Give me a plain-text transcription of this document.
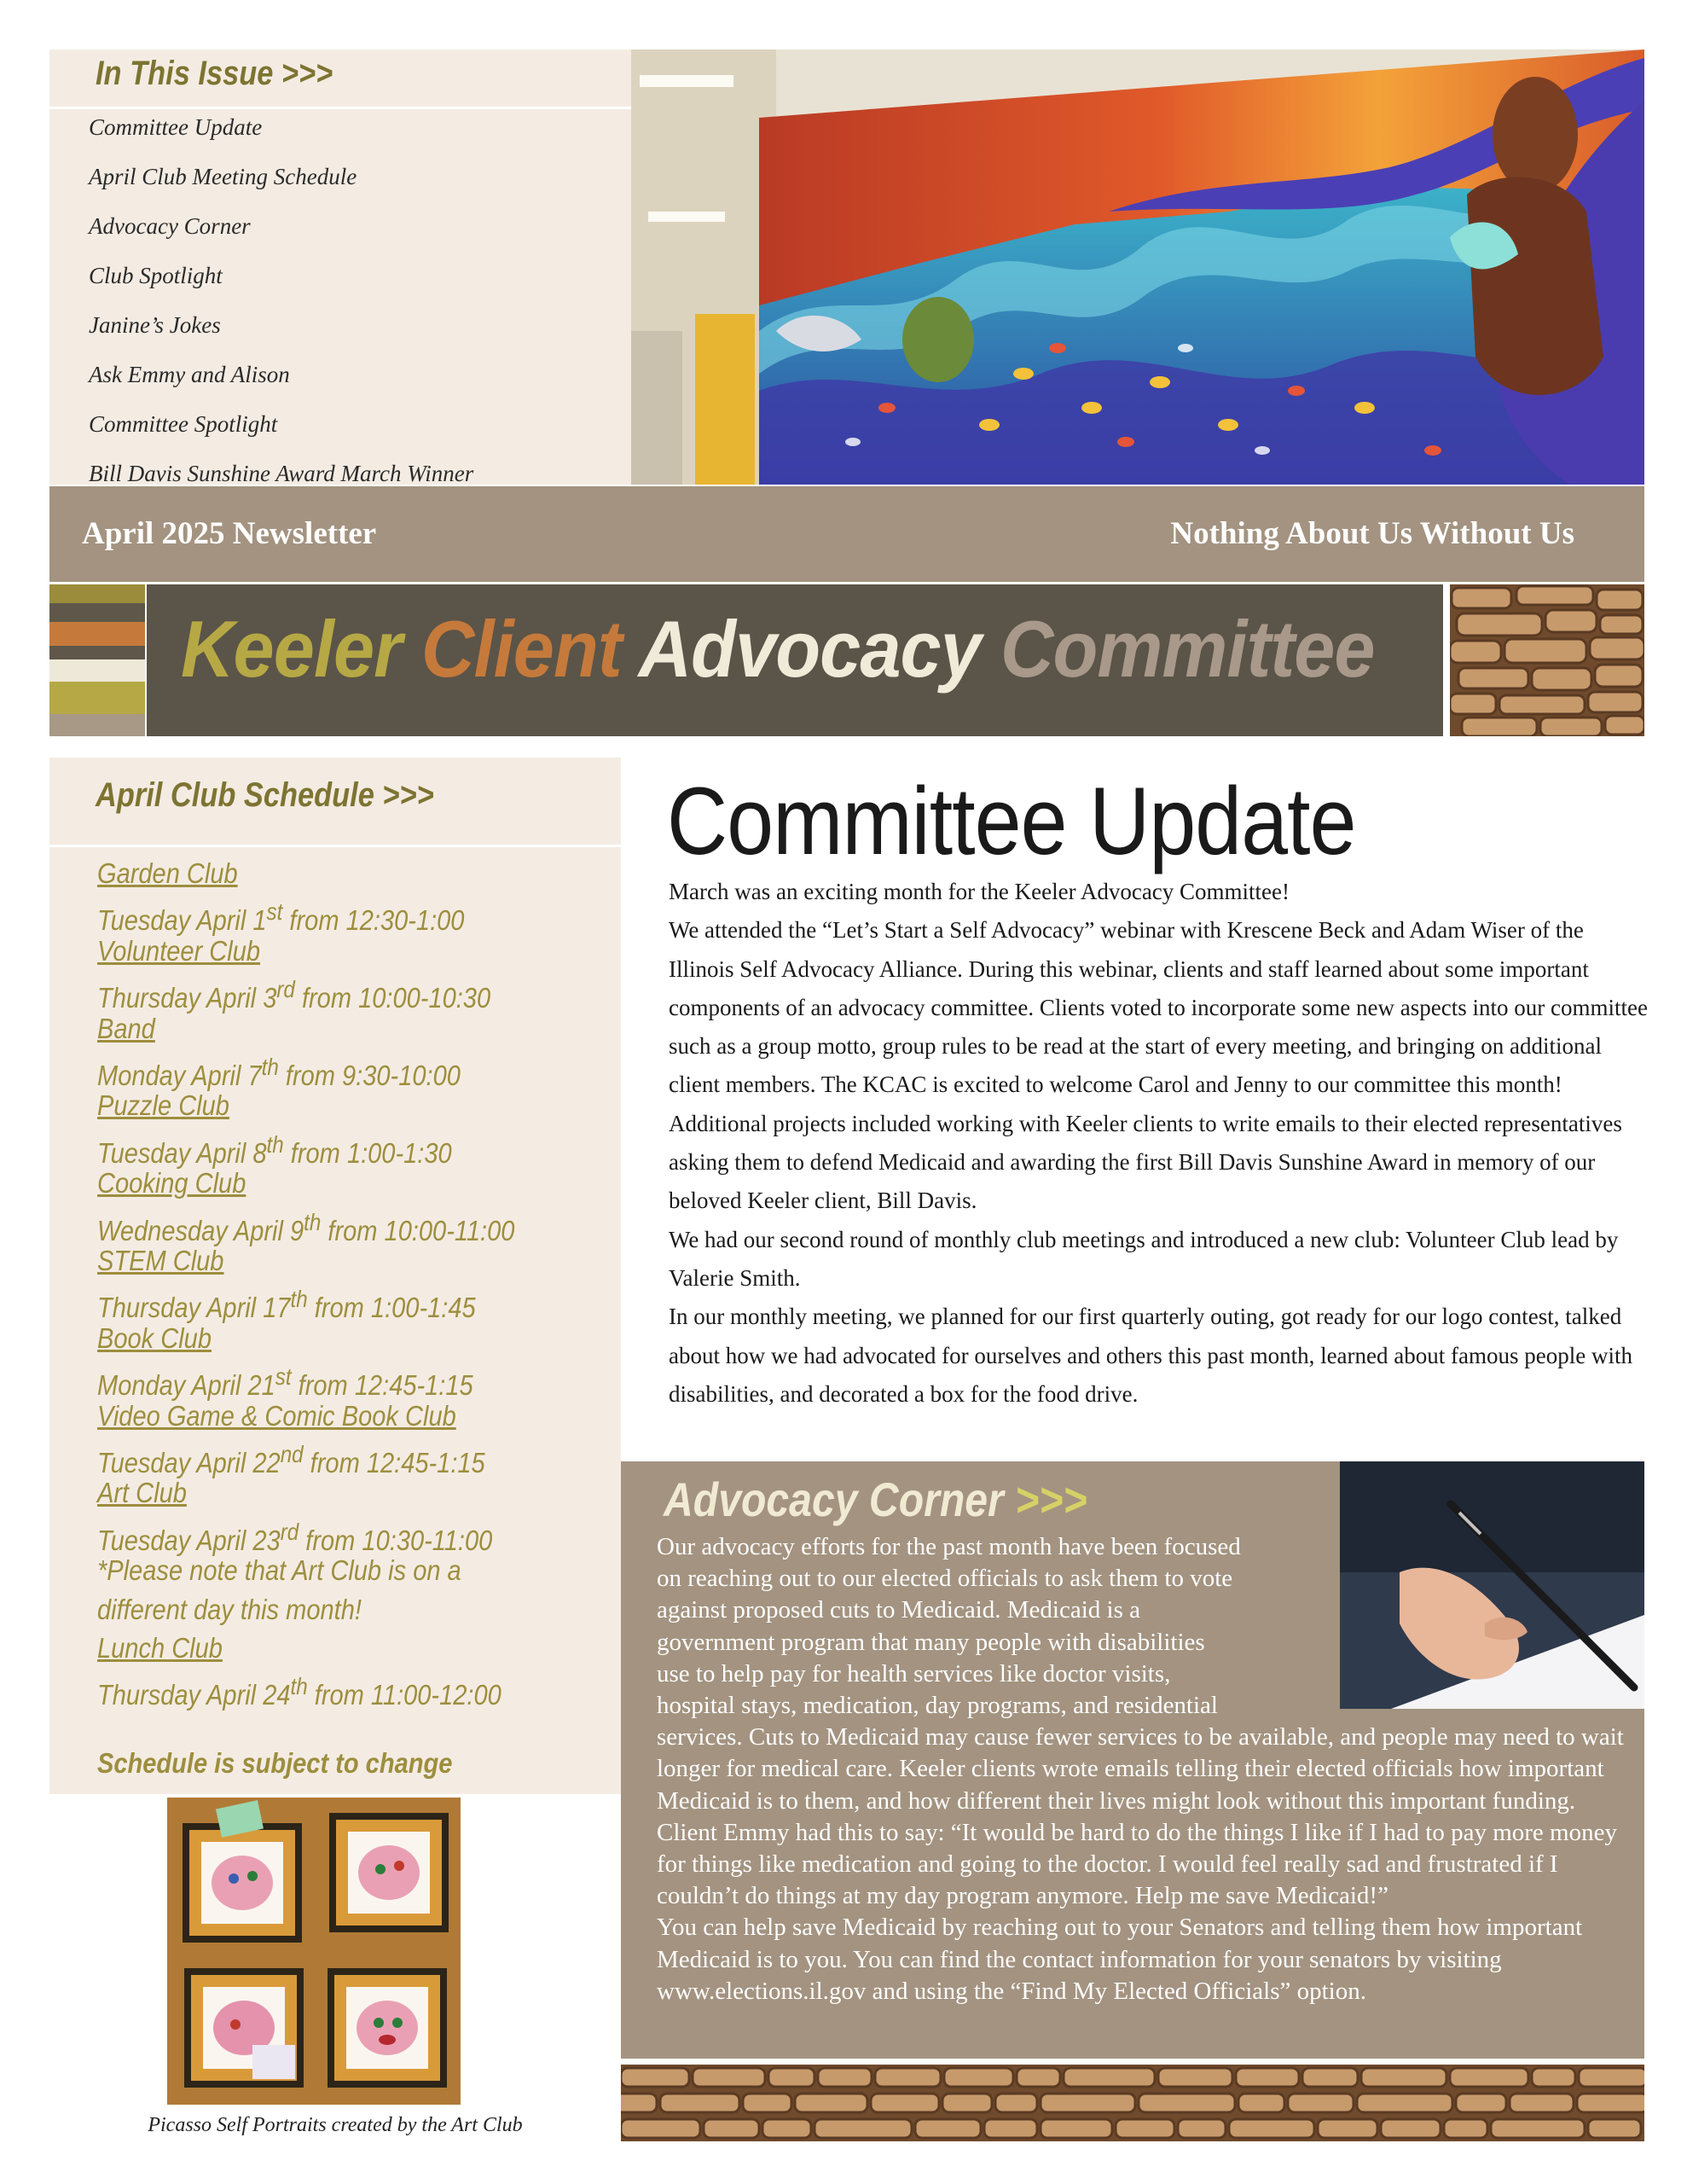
In This Issue >>>
Committee Update
April Club Meeting Schedule
Advocacy Corner
Club Spotlight
Janine’s Jokes
Ask Emmy and Alison
Committee Spotlight
Bill Davis Sunshine Award March Winner
April 2025 Newsletter	Nothing About Us Without Us
Keeler Client Advocacy Committee
April Club Schedule >>>
Garden Club
Tuesday April 1st from 12:30-1:00
Volunteer Club
Thursday April 3rd from 10:00-10:30
Band
Monday April 7th from 9:30-10:00
Puzzle Club
Tuesday April 8th from 1:00-1:30
Cooking Club
Wednesday April 9th from 10:00-11:00
STEM Club
Thursday April 17th from 1:00-1:45
Book Club
Monday April 21st from 12:45-1:15
Video Game & Comic Book Club
Tuesday April 22nd from 12:45-1:15
Art Club
Tuesday April 23rd from 10:30-11:00
*Please note that Art Club is on a
different day this month!
Lunch Club
Thursday April 24th from 11:00-12:00
Schedule is subject to change
Picasso Self Portraits created by the Art Club
Committee Update

March was an exciting month for the Keeler Advocacy Committee!

We attended the “Let’s Start a Self Advocacy” webinar with Krescene Beck and Adam Wiser of the Illinois Self Advocacy Alliance. During this webinar, clients and staff learned about some important components of an advocacy committee. Clients voted to incorporate some new aspects into our committee such as a group motto, group rules to be read at the start of every meeting, and bringing on additional client members. The KCAC is excited to welcome Carol and Jenny to our committee this month!

Additional projects included working with Keeler clients to write emails to their elected representatives asking them to defend Medicaid and awarding the first Bill Davis Sunshine Award in memory of our beloved Keeler client, Bill Davis.

We had our second round of monthly club meetings and introduced a new club: Volunteer Club lead by Valerie Smith.

In our monthly meeting, we planned for our first quarterly outing, got ready for our logo contest, talked about how we had advocated for ourselves and others this past month, learned about famous people with disabilities, and decorated a box for the food drive.

Advocacy Corner >>>
Our advocacy efforts for the past month have been focused
on reaching out to our elected officials to ask them to vote
against proposed cuts to Medicaid. Medicaid is a
government program that many people with disabilities
use to help pay for health services like doctor visits,
hospital stays, medication, day programs, and residential

services. Cuts to Medicaid may cause fewer services to be available, and people may need to wait longer for medical care. Keeler clients wrote emails telling their elected officials how important Medicaid is to them, and how different their lives might look without this important funding. Client Emmy had this to say: “It would be hard to do the things I like if I had to pay more money for things like medication and going to the doctor. I would feel really sad and frustrated if I couldn’t do things at my day program anymore. Help me save Medicaid!”

You can help save Medicaid by reaching out to your Senators and telling them how important Medicaid is to you. You can find the contact information for your senators by visiting www.elections.il.gov and using the “Find My Elected Officials” option.
